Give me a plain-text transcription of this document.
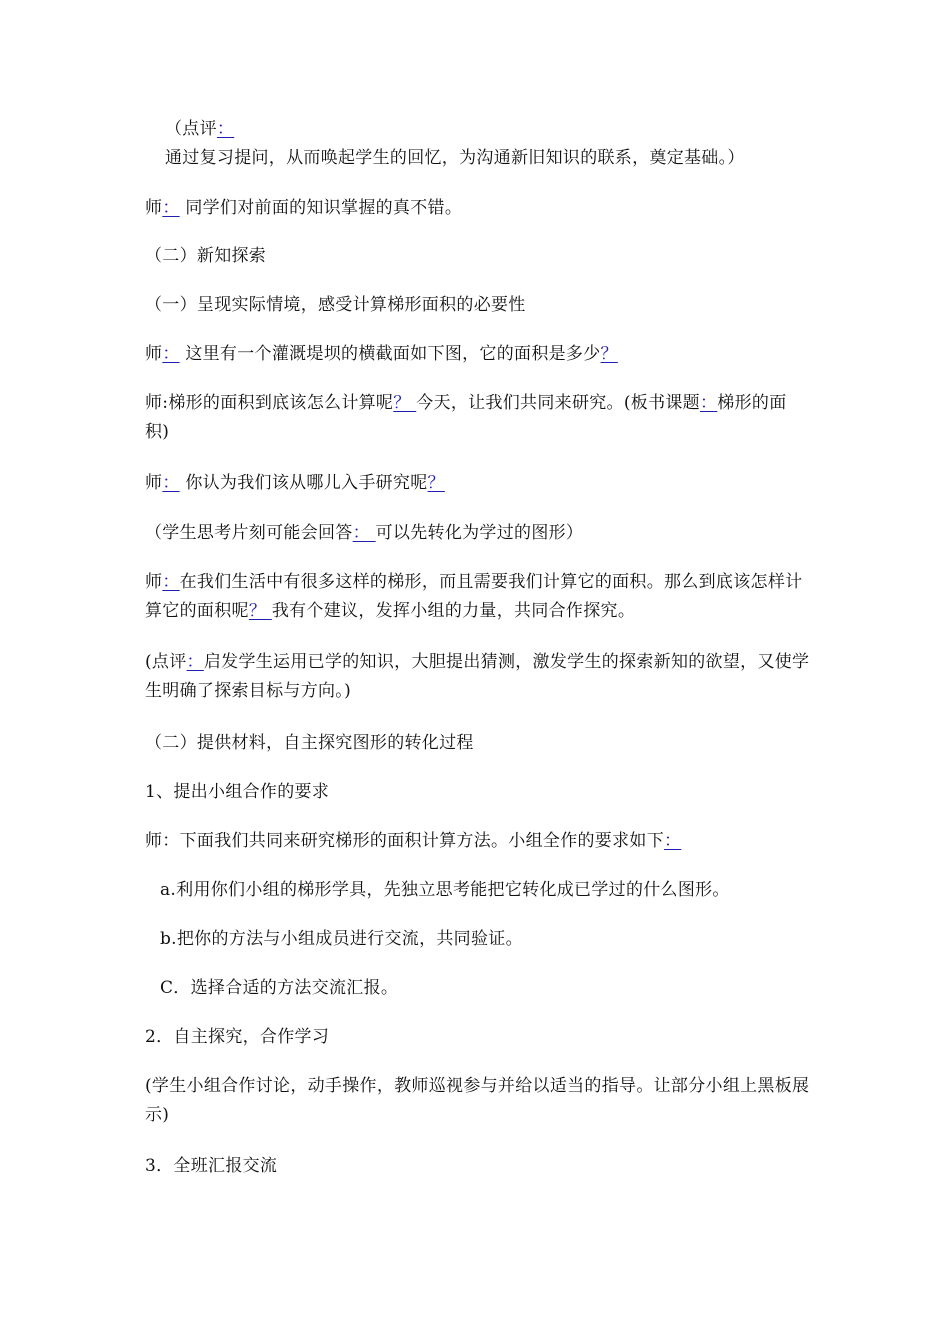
（点评：通过复习提问，从而唤起学生的回忆，为沟通新旧知识的联系，奠定基础。）

师： 同学们对前面的知识掌握的真不错。

（二）新知探索

（一）呈现实际情境，感受计算梯形面积的必要性

师： 这里有一个灌溉堤坝的横截面如下图，它的面积是多少？

师:梯形的面积到底该怎么计算呢？ 今天，让我们共同来研究。(板书课题：梯形的面积)

师： 你认为我们该从哪儿入手研究呢？

（学生思考片刻可能会回答： 可以先转化为学过的图形）

师：在我们生活中有很多这样的梯形，而且需要我们计算它的面积。那么到底该怎样计算它的面积呢？ 我有个建议，发挥小组的力量，共同合作探究。

(点评：启发学生运用已学的知识，大胆提出猜测，激发学生的探索新知的欲望，又使学生明确了探索目标与方向。)

（二）提供材料，自主探究图形的转化过程

1、提出小组合作的要求

师：下面我们共同来研究梯形的面积计算方法。小组全作的要求如下：

a.利用你们小组的梯形学具，先独立思考能把它转化成已学过的什么图形。

b.把你的方法与小组成员进行交流，共同验证。

C．选择合适的方法交流汇报。

2．自主探究，合作学习

(学生小组合作讨论，动手操作，教师巡视参与并给以适当的指导。让部分小组上黑板展示)

3．全班汇报交流
